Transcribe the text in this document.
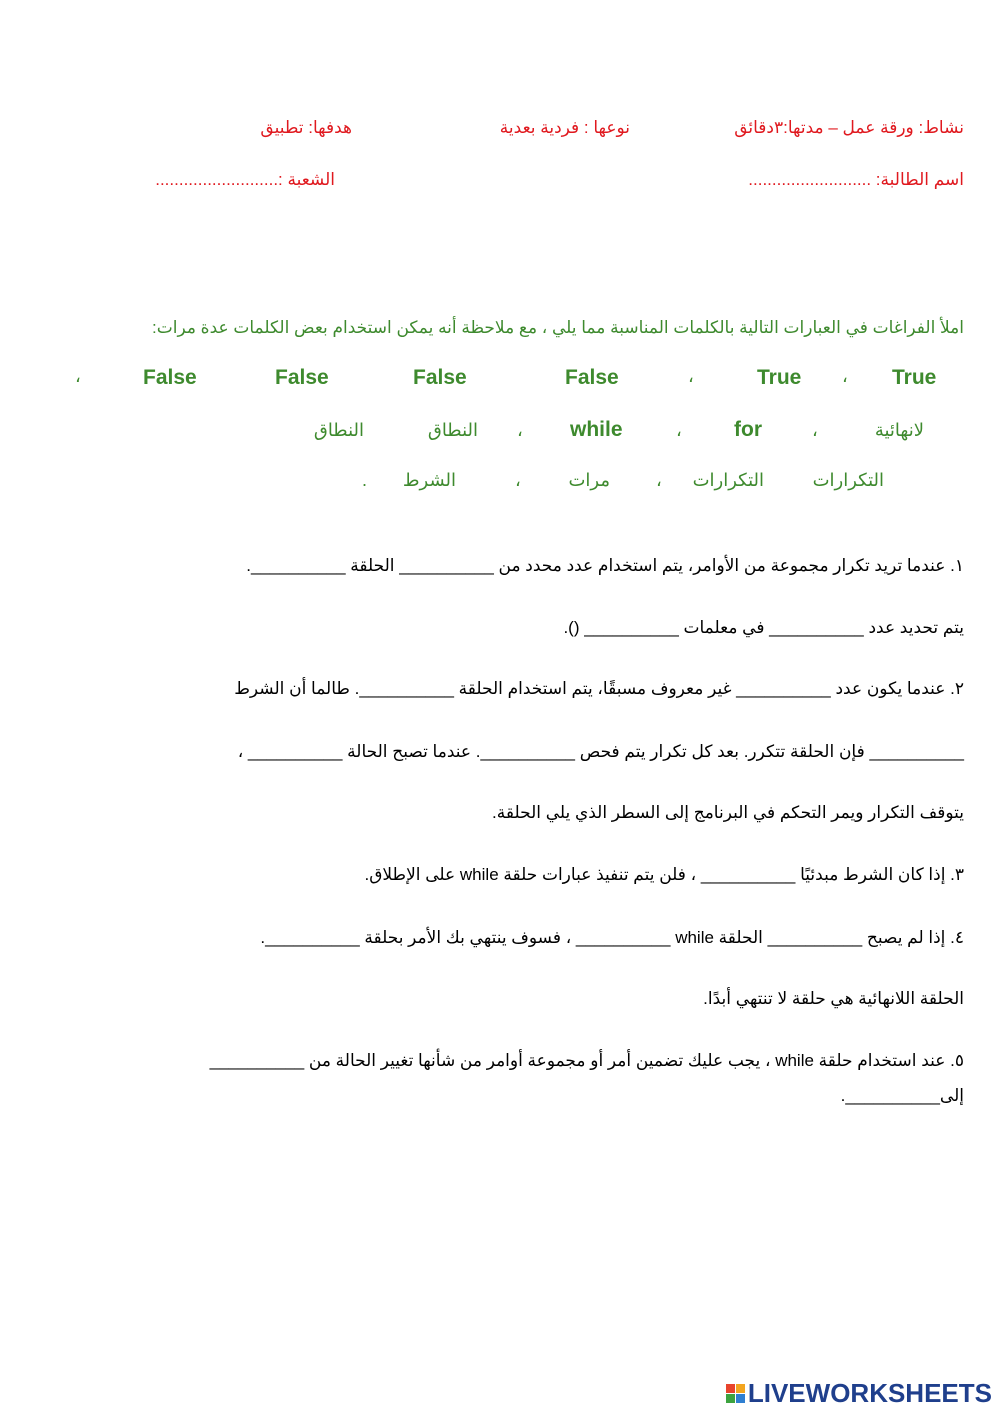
نشاط: ورقة عمل – مدتها:٣دقائق
نوعها : فردية بعدية
هدفها: تطبيق
اسم الطالبة: ..........................
الشعبة :..........................
املأ الفراغات في العبارات التالية بالكلمات المناسبة مما يلي ، مع ملاحظة أنه يمكن استخدام بعض الكلمات عدة مرات:
True
،
True
،
False
False
False
False
،
لانهائية
،
for
،
while
،
النطاق
النطاق
التكرارات
التكرارات
،
مرات
،
الشرط
.
١. عندما تريد تكرار مجموعة من الأوامر، يتم استخدام عدد محدد من __________ الحلقة __________.
يتم تحديد عدد __________ في معلمات __________ ().
٢. عندما يكون عدد __________ غير معروف مسبقًا، يتم استخدام الحلقة __________. طالما أن الشرط
__________ فإن الحلقة تتكرر. بعد كل تكرار يتم فحص __________. عندما تصبح الحالة __________ ،
يتوقف التكرار ويمر التحكم في البرنامج إلى السطر الذي يلي الحلقة.
٣. إذا كان الشرط مبدئيًا __________ ، فلن يتم تنفيذ عبارات حلقة while على الإطلاق.
٤. إذا لم يصبح __________ الحلقة while __________ ، فسوف ينتهي بك الأمر بحلقة __________.
الحلقة اللانهائية هي حلقة لا تنتهي أبدًا.
٥. عند استخدام حلقة while ، يجب عليك تضمين أمر أو مجموعة أوامر من شأنها تغيير الحالة من __________
إلى__________.
LIVEWORKSHEETS
